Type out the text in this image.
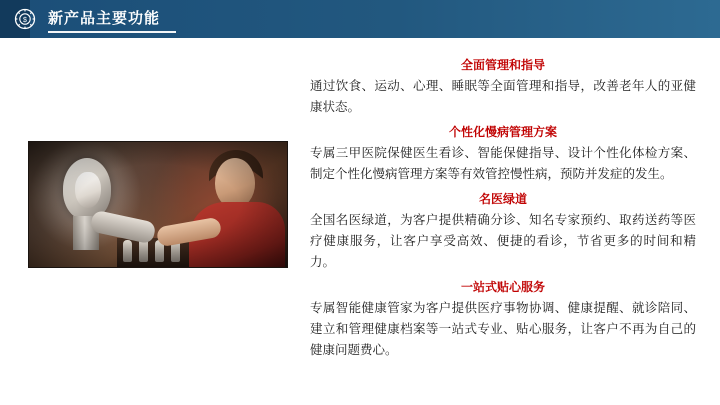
$ 新产品主要功能
全面管理和指导
通过饮食、运动、心理、睡眠等全面管理和指导，改善老年人的亚健康状态。
个性化慢病管理方案
专属三甲医院保健医生看诊、智能保健指导、设计个性化体检方案、制定个性化慢病管理方案等有效管控慢性病，预防并发症的发生。
名医绿道
全国名医绿道，为客户提供精确分诊、知名专家预约、取药送药等医疗健康服务，让客户享受高效、便捷的看诊，节省更多的时间和精力。
一站式贴心服务
专属智能健康管家为客户提供医疗事物协调、健康提醒、就诊陪同、建立和管理健康档案等一站式专业、贴心服务，让客户不再为自己的健康问题费心。
